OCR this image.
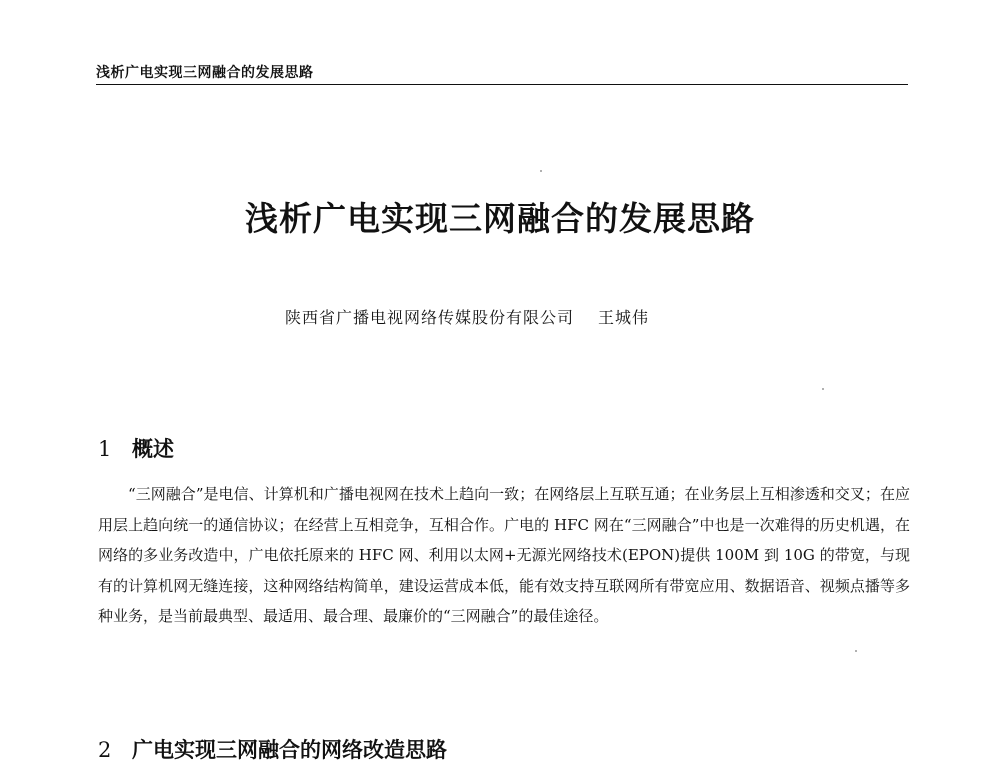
浅析广电实现三网融合的发展思路
浅析广电实现三网融合的发展思路
陕西省广播电视网络传媒股份有限公司 王城伟
1 概述
“三网融合”是电信、计算机和广播电视网在技术上趋向一致；在网络层上互联互通；在业务层上互相渗透和交叉；在应用层上趋向统一的通信协议；在经营上互相竞争，互相合作。广电的 HFC 网在“三网融合”中也是一次难得的历史机遇，在网络的多业务改造中，广电依托原来的 HFC 网、利用以太网+无源光网络技术(EPON)提供 100M 到 10G 的带宽，与现有的计算机网无缝连接，这种网络结构简单，建设运营成本低，能有效支持互联网所有带宽应用、数据语音、视频点播等多种业务，是当前最典型、最适用、最合理、最廉价的“三网融合”的最佳途径。
2 广电实现三网融合的网络改造思路
